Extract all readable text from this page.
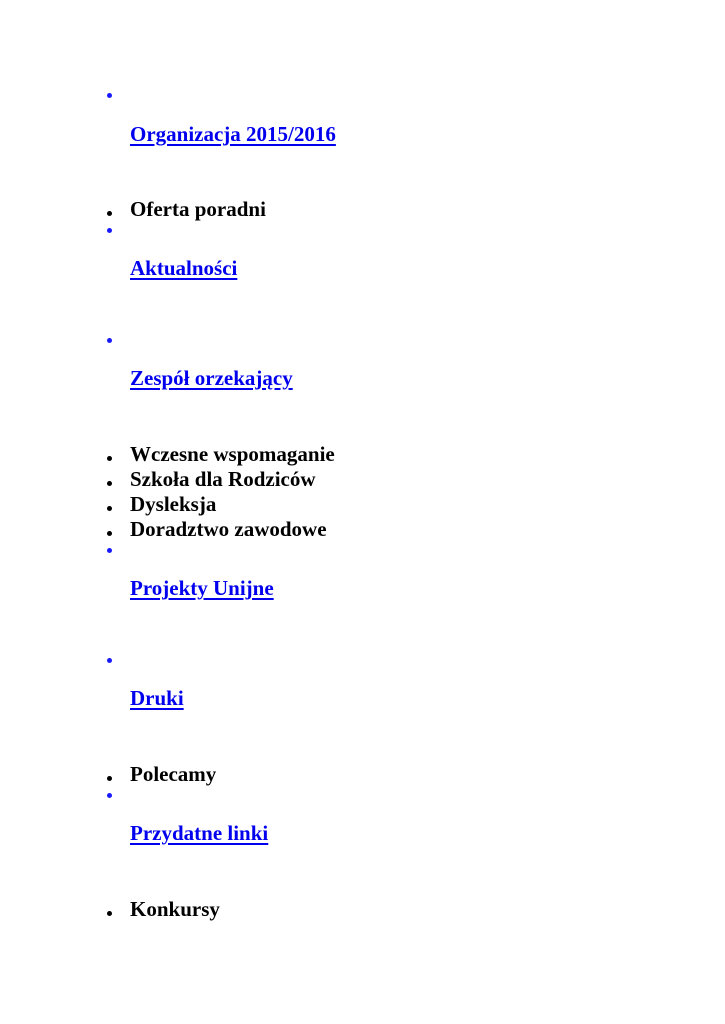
Organizacja 2015/2016
Oferta poradni
Aktualności
Zespół orzekający
Wczesne wspomaganie
Szkoła dla Rodziców
Dysleksja
Doradztwo zawodowe
Projekty Unijne
Druki
Polecamy
Przydatne linki
Konkursy
